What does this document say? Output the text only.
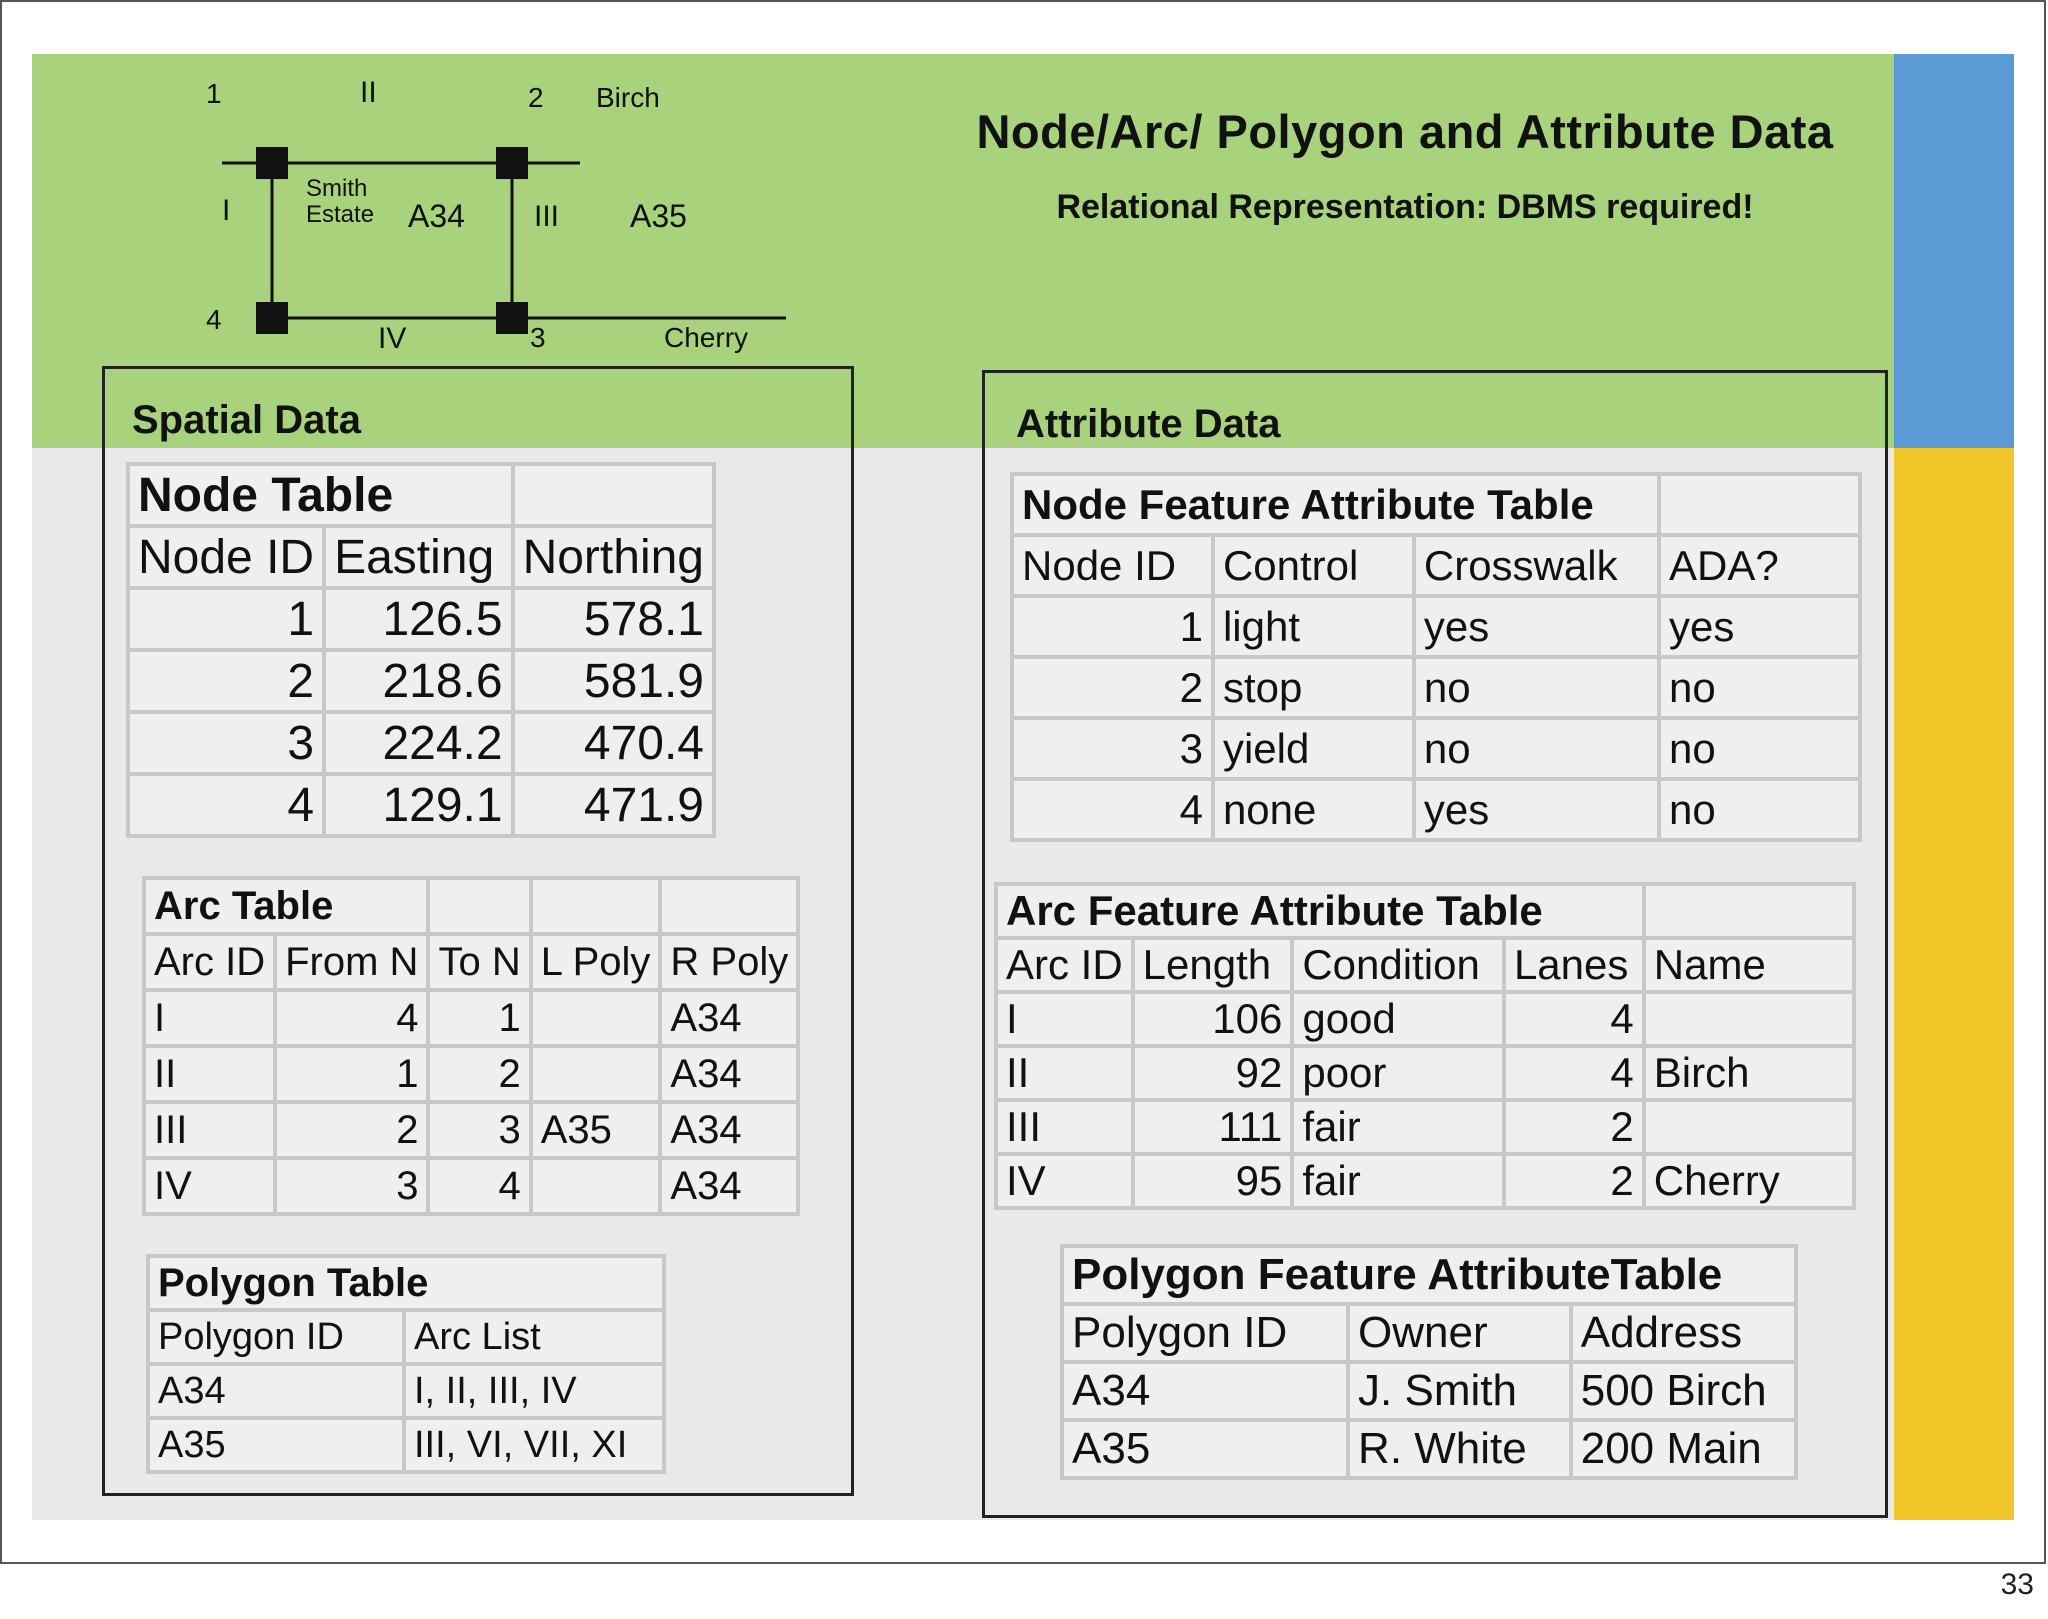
Node/Arc/ Polygon and Attribute Data
Relational Representation: DBMS required!
1	2
3
4
I
II
III
IV
Birch
Cherry
Smith
Estate A34	A35
Spatial Data
Node Table		
Node ID	Easting	Northing
1	126.5	578.1
2	218.6	581.9
3	224.2	470.4
4	129.1	471.9
Arc Table				
Arc ID	From N	To N	L Poly	R Poly
I	4	1		A34
II	1	2		A34
III	2	3	A35	A34
IV	3	4		A34
Polygon Table	
Polygon ID	Arc List
A34	I, II, III, IV
A35	III, VI, VII, XI
Attribute Data
Node Feature Attribute Table			
Node ID	Control	Crosswalk	ADA?
1	light	yes	yes
2	stop	no	no
3	yield	no	no
4	none	yes	no
Arc Feature Attribute Table				
Arc ID	Length	Condition	Lanes	Name
I	106	good	4	
II	92	poor	4	Birch
III	111	fair	2	
IV	95	fair	2	Cherry
Polygon Feature AttributeTable		
Polygon ID	Owner	Address
A34	J. Smith	500 Birch
A35	R. White	200 Main
33
